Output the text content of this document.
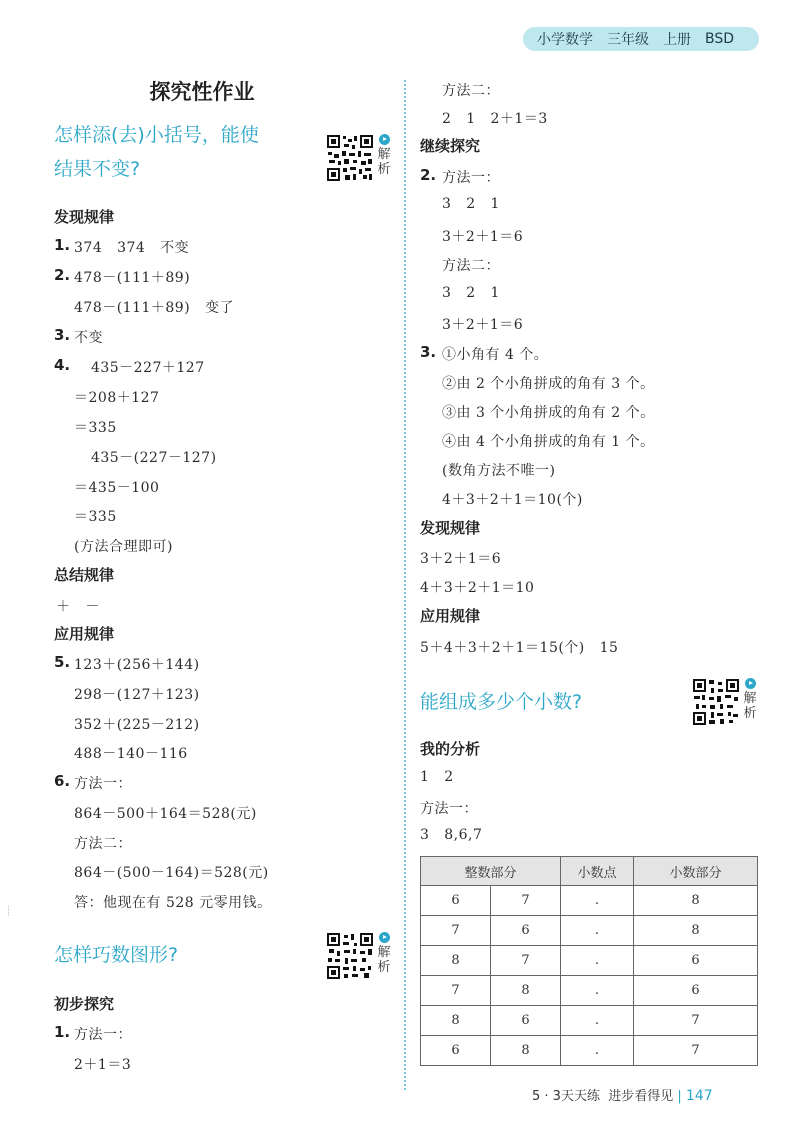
小学数学 三年级 上册 BSD
·····
探究性作业
怎样添(去)小括号，能使
结果不变?
解析
发现规律
1. 374   374   不变
2. 478－(111＋89)
478－(111＋89)   变了
3. 不变
4. 435－227＋127
＝208＋127
＝335
435－(227－127)
＝435－100
＝335
(方法合理即可)
总结规律
＋   －
应用规律
5. 123＋(256＋144)
298－(127＋123)
352＋(225－212)
488－140－116
6. 方法一：
864－500＋164＝528(元)
方法二：
864－(500－164)＝528(元)
答：他现在有 528 元零用钱。
怎样巧数图形?	解析
初步探究
1. 方法一：
2＋1＝3
方法二：
2   1   2＋1＝3
继续探究
2. 方法一：
3   2   1
3＋2＋1＝6
方法二：
3   2   1
3＋2＋1＝6
3. ①小角有 4 个。
②由 2 个小角拼成的角有 3 个。
③由 3 个小角拼成的角有 2 个。
④由 4 个小角拼成的角有 1 个。
(数角方法不唯一)
4＋3＋2＋1＝10(个)
发现规律
3＋2＋1＝6
4＋3＋2＋1＝10
应用规律
5＋4＋3＋2＋1＝15(个)   15
能组成多少个小数?	解析
我的分析
1   2
方法一：
3   8,6,7
整数部分		小数点	小数部分
6	7	.	8
7	6	.	8
8	7	.	6
7	8	.	6
8	6	.	7
6	8	.	7
5 · 3天天练 进步看得见 | 147
